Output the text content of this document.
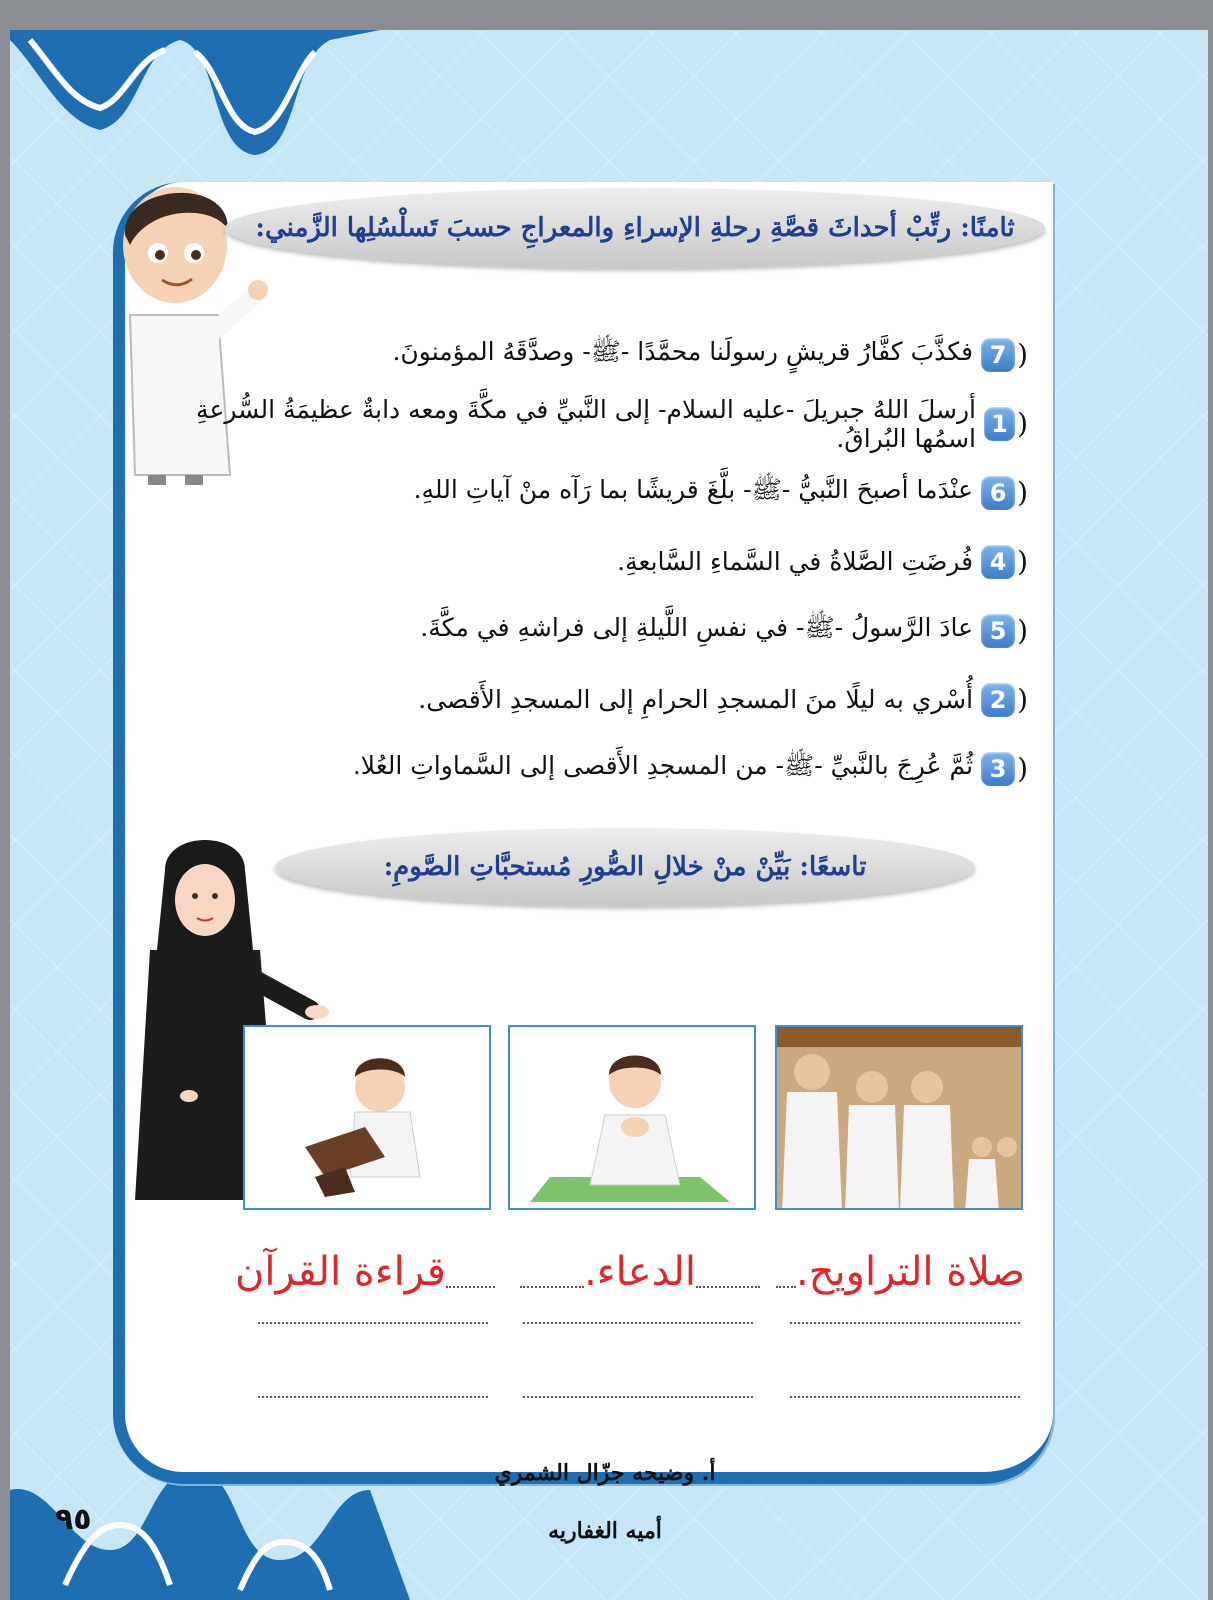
ثامنًا: رتِّبْ أحداثَ قصَّةِ رحلةِ الإسراءِ والمعراجِ حسبَ تَسلْسُلِها الزَّمني:
(
7
فكذَّبَ كفَّارُ قريشٍ رسولَنا محمَّدًا -ﷺ- وصدَّقَهُ المؤمنونَ.
(
1
أرسلَ اللهُ جبريلَ -عليه السلام- إلى النَّبيِّ في مكَّةَ ومعه دابةٌ عظيمَةُ السُّرعةِ اسمُها البُراقُ.
(
6
عنْدَما أصبحَ النَّبيُّ -ﷺ- بلَّغَ قريشًا بما رَآه منْ آياتِ اللهِ.
(
4
فُرضَتِ الصَّلاةُ في السَّماءِ السَّابعةِ.
(
5
عادَ الرَّسولُ -ﷺ- في نفسِ اللَّيلةِ إلى فراشهِ في مكَّةَ.
(
2
أُسْري به ليلًا منَ المسجدِ الحرامِ إلى المسجدِ الأَقصى.
(
3
ثُمَّ عُرِجَ بالنَّبيِّ -ﷺ- من المسجدِ الأَقصى إلى السَّماواتِ العُلا.
تاسعًا: بَيِّنْ منْ خلالِ الصُّورِ مُستحبَّاتِ الصَّومِ:
صلاة التراويح.
الدعاء.
قراءة القرآن
أ. وضيحه جزّال الشمري
أميه الغفاريه
٩٥
